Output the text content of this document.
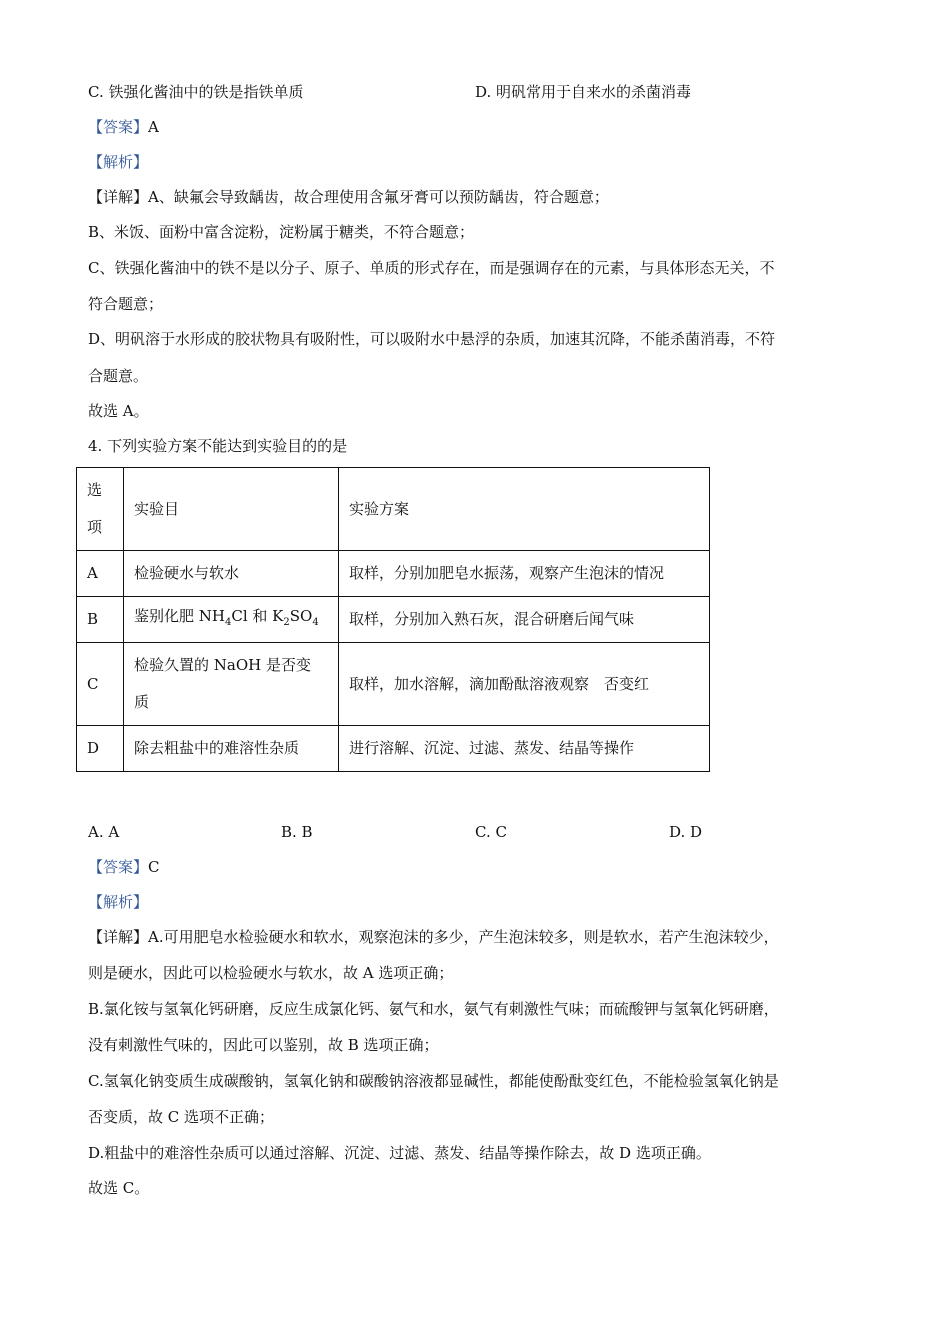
C. 铁强化酱油中的铁是指铁单质	D. 明矾常用于自来水的杀菌消毒
【答案】A
【解析】
【详解】A、缺氟会导致龋齿，故合理使用含氟牙膏可以预防龋齿，符合题意；
B、米饭、面粉中富含淀粉，淀粉属于糖类，不符合题意；
C、铁强化酱油中的铁不是以分子、原子、单质的形式存在，而是强调存在的元素，与具体形态无关，不
符合题意；
D、明矾溶于水形成的胶状物具有吸附性，可以吸附水中悬浮的杂质，加速其沉降，不能杀菌消毒，不符
合题意。
故选 A。
4. 下列实验方案不能达到实验目的的是
选
项	实验目	实验方案
A	检验硬水与软水	取样，分别加肥皂水振荡，观察产生泡沫的情况
B	鉴别化肥 $NH_4Cl$ 和 $K_2SO_4$	取样，分别加入熟石灰，混合研磨后闻气味
C	检验久置的 NaOH 是否变
质	取样，加水溶解，滴加酚酞溶液观察　否变红
D	除去粗盐中的难溶性杂质	进行溶解、沉淀、过滤、蒸发、结晶等操作
A. A	B. B	C. C	D. D
【答案】C
【解析】
【详解】A.可用肥皂水检验硬水和软水，观察泡沫的多少，产生泡沫较多，则是软水，若产生泡沫较少，
则是硬水，因此可以检验硬水与软水，故 A 选项正确；
B.氯化铵与氢氧化钙研磨，反应生成氯化钙、氨气和水，氨气有刺激性气味；而硫酸钾与氢氧化钙研磨，
没有刺激性气味的，因此可以鉴别，故 B 选项正确；
C.氢氧化钠变质生成碳酸钠，氢氧化钠和碳酸钠溶液都显碱性，都能使酚酞变红色，不能检验氢氧化钠是
否变质，故 C 选项不正确；
D.粗盐中的难溶性杂质可以通过溶解、沉淀、过滤、蒸发、结晶等操作除去，故 D 选项正确。
故选 C。
